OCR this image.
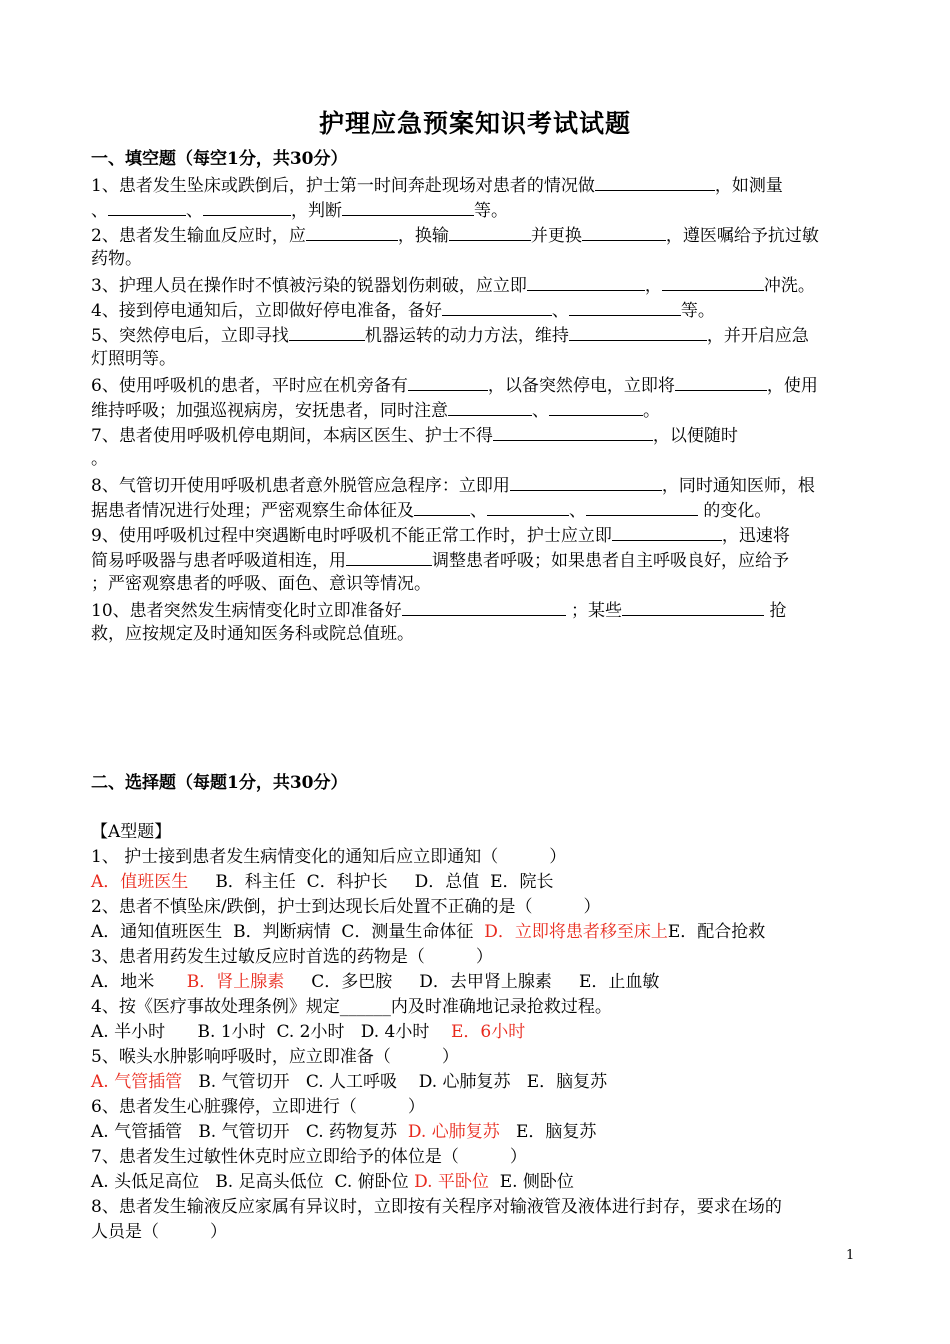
护理应急预案知识考试试题
一、填空题（每空1分，共30分）
1、患者发生坠床或跌倒后，护士第一时间奔赴现场对患者的情况做	，如测量
、	、	，判断	等。
2、患者发生输血反应时，应	，换输	并更换	，遵医嘱给予抗过敏
药物。
3、护理人员在操作时不慎被污染的锐器划伤刺破，应立即	，	冲洗。
4、接到停电通知后，立即做好停电准备，备好	、	等。
5、突然停电后，立即寻找	机器运转的动力方法，维持	，并开启应急
灯照明等。
6、使用呼吸机的患者，平时应在机旁备有	，以备突然停电，立即将	，使用
维持呼吸；加强巡视病房，安抚患者，同时注意	、	。
7、患者使用呼吸机停电期间，本病区医生、护士不得	，以便随时
。
8、气管切开使用呼吸机患者意外脱管应急程序：立即用	，同时通知医师，根
据患者情况进行处理；严密观察生命体征及	、	、	的变化。
9、使用呼吸机过程中突遇断电时呼吸机不能正常工作时，护士应立即	，迅速将
简易呼吸器与患者呼吸道相连，用	调整患者呼吸；如果患者自主呼吸良好，应给予
；严密观察患者的呼吸、面色、意识等情况。
10、患者突然发生病情变化时立即准备好	；某些	抢
救，应按规定及时通知医务科或院总值班。
二、选择题（每题1分，共30分）
【A型题】
1、 护士接到患者发生病情变化的通知后应立即通知（　　　）
A．值班医生 B．科主任 C．科护长 D．总值 E．院长
2、患者不慎坠床/跌倒，护士到达现长后处置不正确的是（　　　）
A．通知值班医生 B．判断病情 C．测量生命体征 D．立即将患者移至床上E．配合抢救
3、患者用药发生过敏反应时首选的药物是（　　　）
A．地米 B．肾上腺素 C．多巴胺 D．去甲肾上腺素 E．止血敏
4、按《医疗事故处理条例》规定______内及时准确地记录抢救过程。
A. 半小时 B. 1小时 C. 2小时 D. 4小时 E．6小时
5、喉头水肿影响呼吸时，应立即准备（　　　）
A. 气管插管 B. 气管切开 C. 人工呼吸 D. 心肺复苏 E．脑复苏
6、患者发生心脏骤停，立即进行（　　　）
A. 气管插管 B. 气管切开 C. 药物复苏 D. 心肺复苏 E．脑复苏
7、患者发生过敏性休克时应立即给予的体位是（　　　）
A. 头低足高位 B. 足高头低位 C. 俯卧位 D. 平卧位 E. 侧卧位
8、患者发生输液反应家属有异议时，立即按有关程序对输液管及液体进行封存，要求在场的
人员是（　　　）
1
